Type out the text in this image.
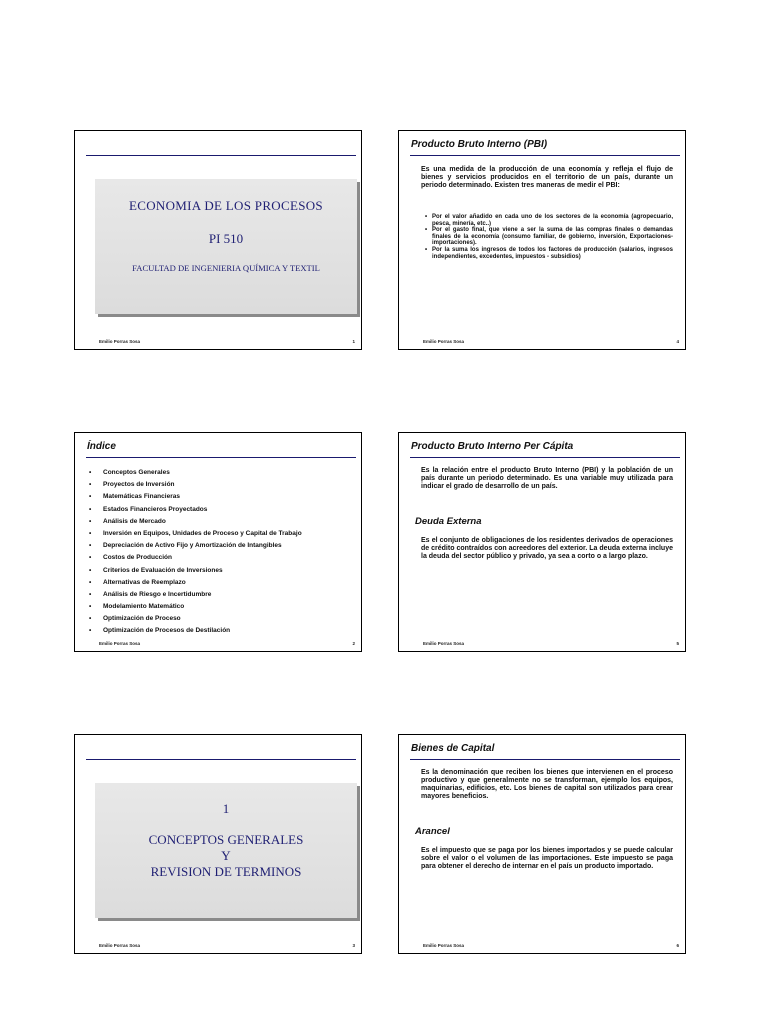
ECONOMIA DE LOS PROCESOS
PI 510
FACULTAD DE INGENIERIA QUÍMICA Y TEXTIL
Emilio Porras Sosa	1
Producto Bruto Interno (PBI)
Es una medida de la producción de una economía y refleja el flujo de bienes y servicios producidos en el territorio de un país, durante un periodo determinado. Existen tres maneras de medir el PBI:
• Por el valor añadido en cada uno de los sectores de la economía (agropecuario, pesca, minería, etc..)
• Por el gasto final, que viene a ser la suma de las compras finales o demandas finales de la economía (consumo familiar, de gobierno, inversión, Exportaciones-importaciones).
• Por la suma los ingresos de todos los factores de producción (salarios, ingresos independientes, excedentes, impuestos - subsidios)
Emilio Porras Sosa	4
Índice
• Conceptos Generales
• Proyectos de Inversión
• Matemáticas Financieras
• Estados Financieros Proyectados
• Análisis de Mercado
• Inversión en Equipos, Unidades de Proceso y Capital de Trabajo
• Depreciación de Activo Fijo y Amortización de Intangibles
• Costos de Producción
• Criterios de Evaluación de Inversiones
• Alternativas de Reemplazo
• Análisis de Riesgo e Incertidumbre
• Modelamiento Matemático
• Optimización de Proceso
• Optimización de Procesos de Destilación
Emilio Porras Sosa	2
Producto Bruto Interno Per Cápita
Es la relación entre el producto Bruto Interno (PBI) y la población de un país durante un periodo determinado. Es una variable muy utilizada para indicar el grado de desarrollo de un país.
Deuda Externa
Es el conjunto de obligaciones de los residentes derivados de operaciones de crédito contraídos con acreedores del exterior. La deuda externa incluye la deuda del sector público y privado, ya sea a corto o a largo plazo.
Emilio Porras Sosa	5
1
CONCEPTOS GENERALES
Y
REVISION DE TERMINOS
Emilio Porras Sosa	3
Bienes de Capital
Es la denominación que reciben los bienes que intervienen en el proceso productivo y que generalmente no se transforman, ejemplo los equipos, maquinarias, edificios, etc. Los bienes de capital son utilizados para crear mayores beneficios.
Arancel
Es el impuesto que se paga por los bienes importados y se puede calcular sobre el valor o el volumen de las importaciones. Este impuesto se paga para obtener el derecho de internar en el país un producto importado.
Emilio Porras Sosa	6
